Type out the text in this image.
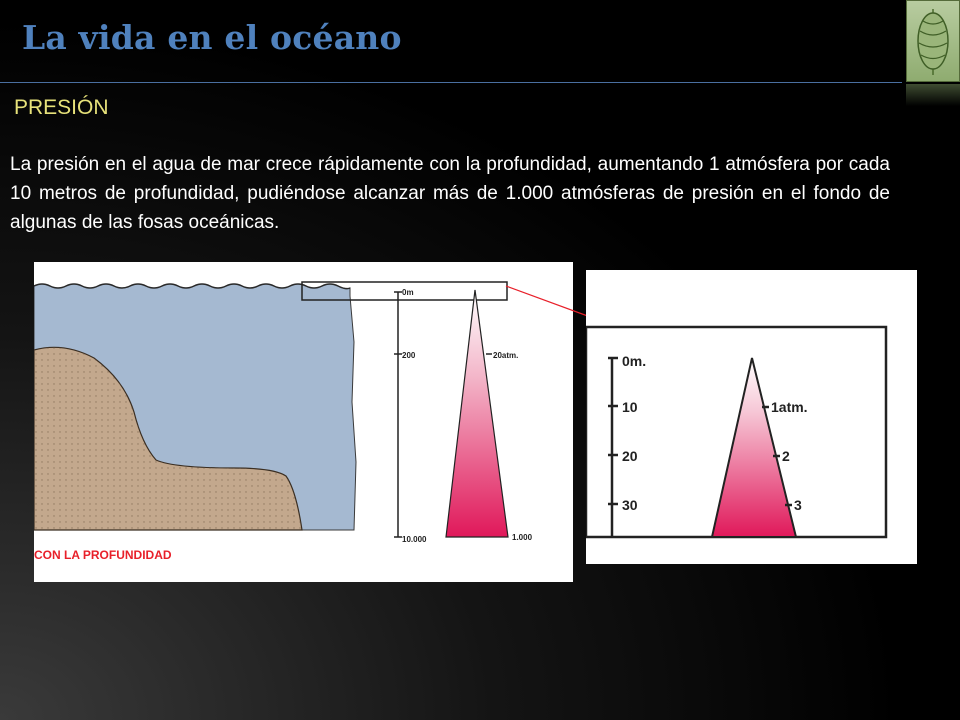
La vida en el océano
PRESIÓN
La presión en el agua de mar crece rápidamente con la profundidad, aumentando 1 atmósfera por cada 10 metros de profundidad, pudiéndose alcanzar más de 1.000 atmósferas de presión en el fondo de algunas de las fosas oceánicas.
0m
200
10.000
20atm.
1.000
CON LA PROFUNDIDAD
0m.
10
20
30
1atm.
2
3
